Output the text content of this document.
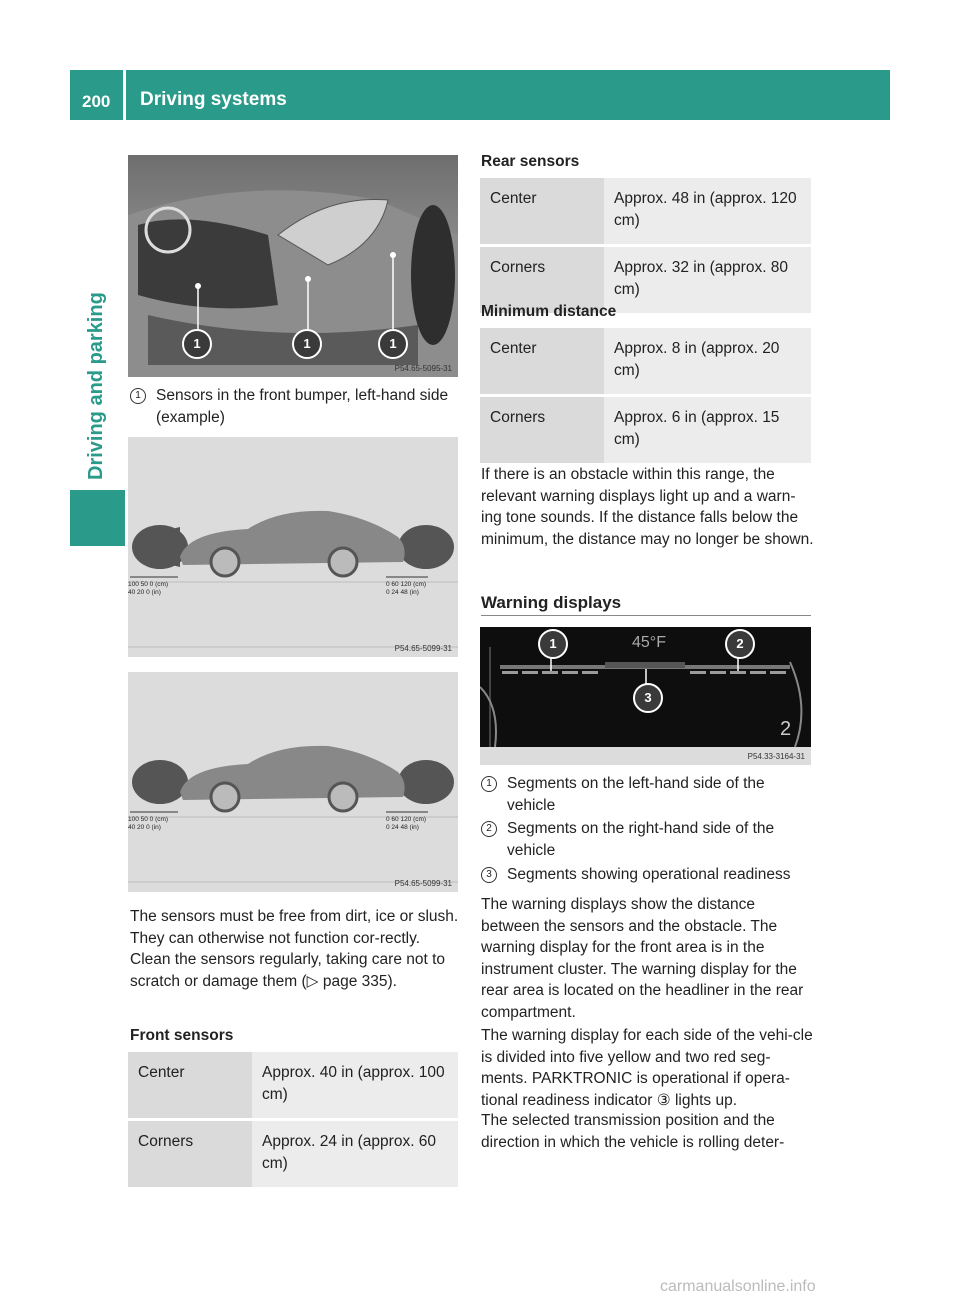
200 Driving systems
Driving and parking	1	1	1
P54.65-5095-31
1 Sensors in the front bumper, left-hand side (example)
100 50 0 (cm)
40 20 0 (in)
0 60 120 (cm)
0 24 48 (in)
P54.65-5099-31
100 50 0 (cm)
40 20 0 (in)
0 60 120 (cm)
0 24 48 (in)
P54.65-5099-31
The sensors must be free from dirt, ice or slush. They can otherwise not function cor-rectly. Clean the sensors regularly, taking care not to scratch or damage them (▷ page 335).
Front sensors
Center	Approx. 40 in (approx. 100 cm)
Corners	Approx. 24 in (approx. 60 cm)
Rear sensors
Center	Approx. 48 in (approx. 120 cm)
Corners	Approx. 32 in (approx. 80 cm)
Minimum distance
Center	Approx. 8 in (approx. 20 cm)
Corners	Approx. 6 in (approx. 15 cm)
If there is an obstacle within this range, the relevant warning displays light up and a warn-ing tone sounds. If the distance falls below the minimum, the distance may no longer be shown.
Warning displays
2
45°F
1	2
3
P54.33-3164-31
1 Segments on the left-hand side of the vehicle
2 Segments on the right-hand side of the vehicle
3 Segments showing operational readiness
The warning displays show the distance between the sensors and the obstacle. The warning display for the front area is in the instrument cluster. The warning display for the rear area is located on the headliner in the rear compartment.
The warning display for each side of the vehi-cle is divided into five yellow and two red seg-ments. PARKTRONIC is operational if opera-tional readiness indicator ③ lights up.
The selected transmission position and the direction in which the vehicle is rolling deter-
carmanualsonline.info
